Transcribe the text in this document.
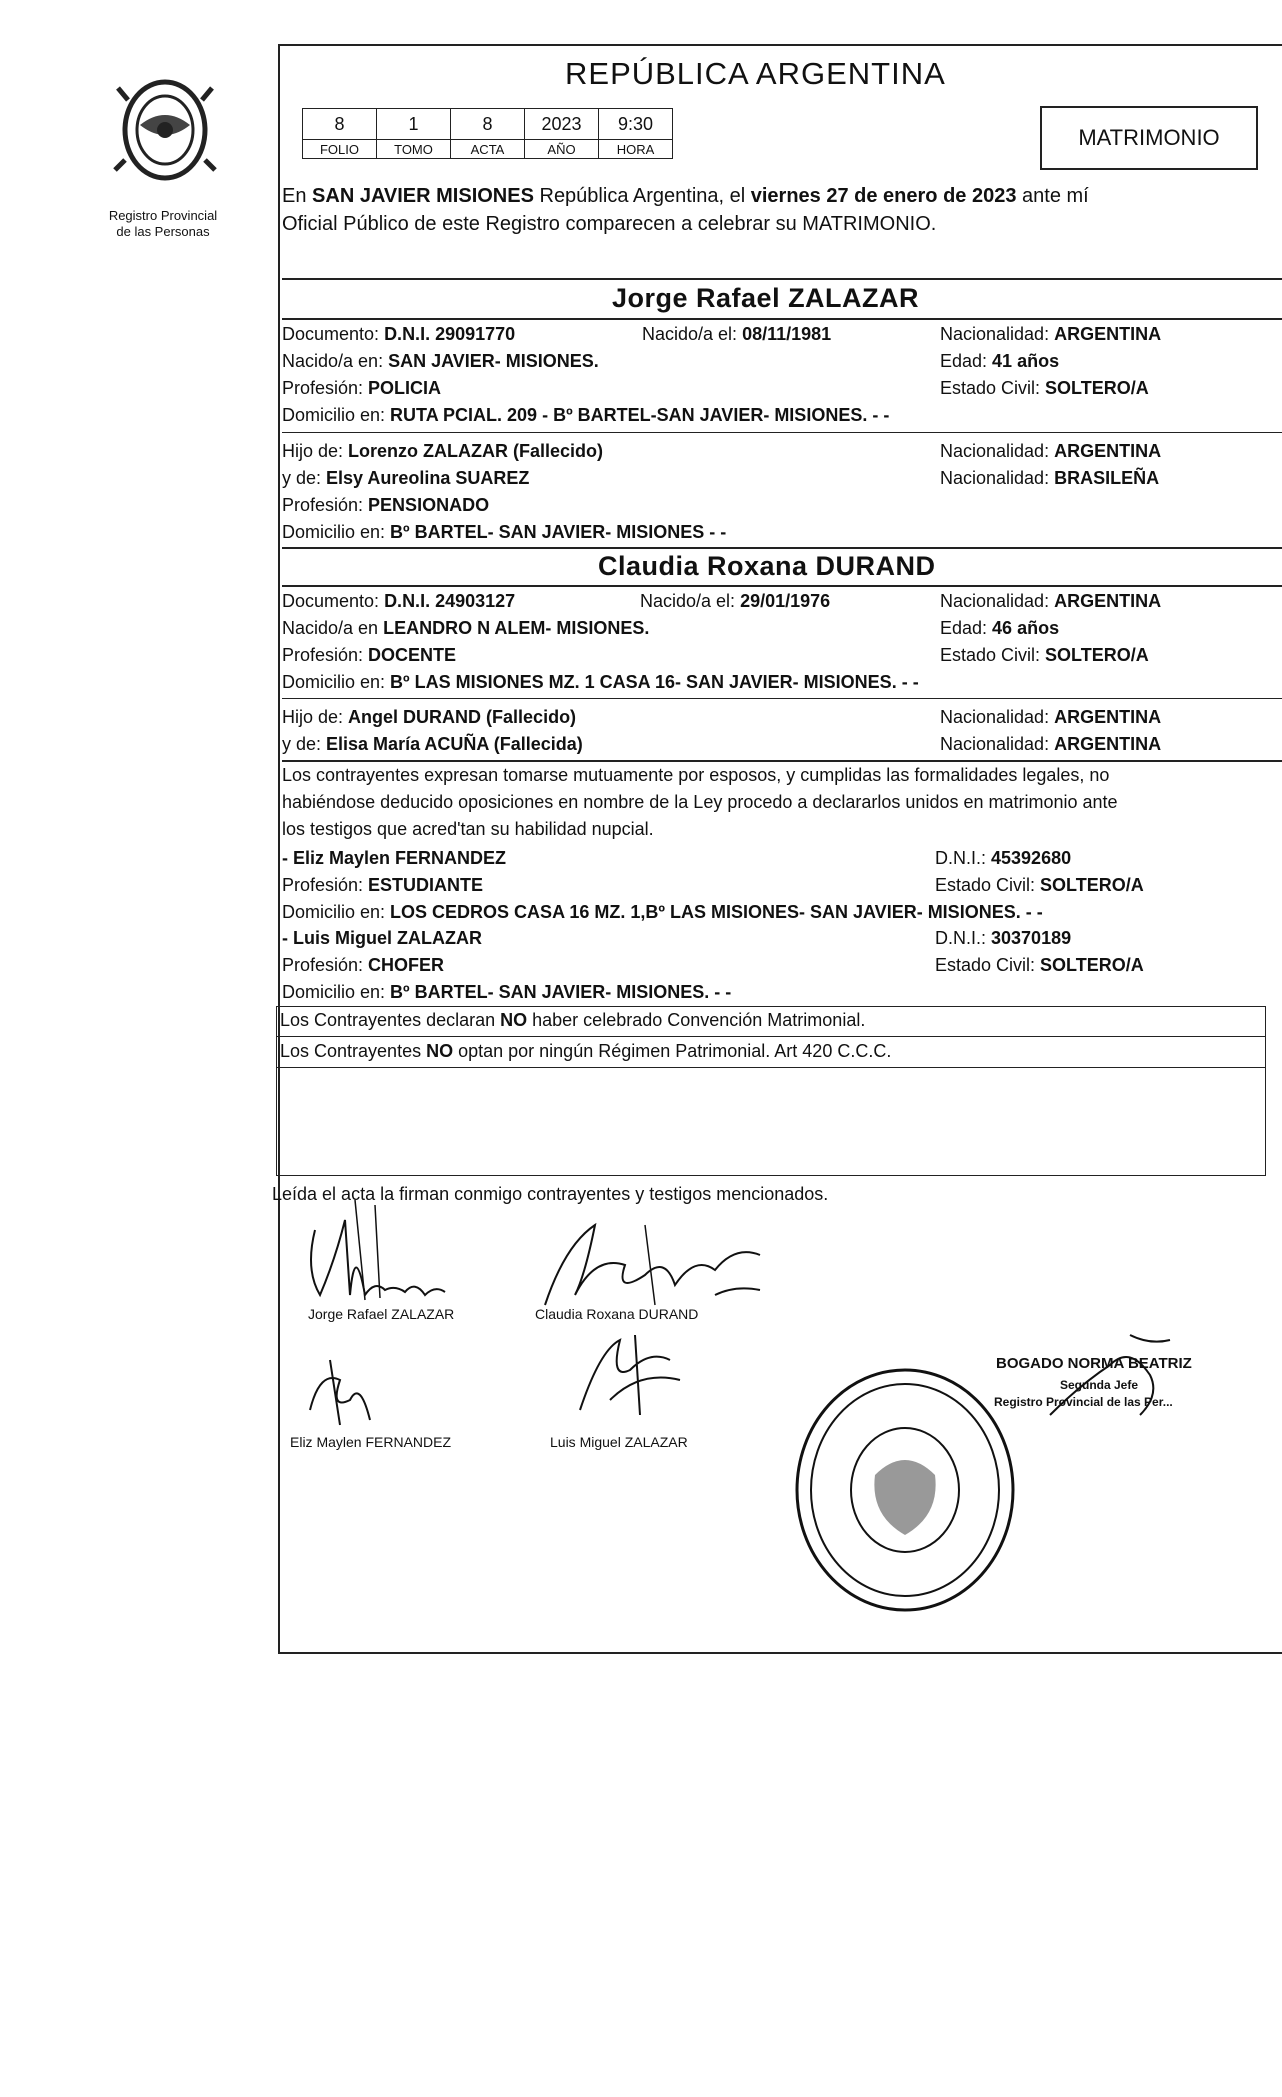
Registro Provincial
de las Personas
REPÚBLICA ARGENTINA
8	1	8	2023	9:30
FOLIO	TOMO	ACTA	AÑO	HORA	MATRIMONIO
En SAN JAVIER MISIONES República Argentina, el viernes 27 de enero de 2023 ante mí
Oficial Público de este Registro comparecen a celebrar su MATRIMONIO.
Jorge Rafael ZALAZAR
Documento: D.N.I. 29091770	Nacido/a el: 08/11/1981	Nacionalidad: ARGENTINA
Nacido/a en: SAN JAVIER- MISIONES.	Edad: 41 años
Profesión: POLICIA	Estado Civil: SOLTERO/A
Domicilio en: RUTA PCIAL. 209 - Bº BARTEL-SAN JAVIER- MISIONES. - -
Hijo de: Lorenzo ZALAZAR (Fallecido)	Nacionalidad: ARGENTINA
y de: Elsy Aureolina SUAREZ	Nacionalidad: BRASILEÑA
Profesión: PENSIONADO
Domicilio en: Bº BARTEL- SAN JAVIER- MISIONES - -
Claudia Roxana DURAND
Documento: D.N.I. 24903127	Nacido/a el: 29/01/1976	Nacionalidad: ARGENTINA
Nacido/a en LEANDRO N ALEM- MISIONES.	Edad: 46 años
Profesión: DOCENTE	Estado Civil: SOLTERO/A
Domicilio en: Bº LAS MISIONES MZ. 1 CASA 16- SAN JAVIER- MISIONES. - -
Hijo de: Angel DURAND (Fallecido)	Nacionalidad: ARGENTINA
y de: Elisa María ACUÑA (Fallecida)	Nacionalidad: ARGENTINA
Los contrayentes expresan tomarse mutuamente por esposos, y cumplidas las formalidades legales, no
habiéndose deducido oposiciones en nombre de la Ley procedo a declararlos unidos en matrimonio ante
los testigos que acred'tan su habilidad nupcial.
- Eliz Maylen FERNANDEZ	D.N.I.: 45392680
Profesión: ESTUDIANTE	Estado Civil: SOLTERO/A
Domicilio en: LOS CEDROS CASA 16 MZ. 1,Bº LAS MISIONES- SAN JAVIER- MISIONES. - -
- Luis Miguel ZALAZAR	D.N.I.: 30370189
Profesión: CHOFER	Estado Civil: SOLTERO/A
Domicilio en: Bº BARTEL- SAN JAVIER- MISIONES. - -
Los Contrayentes declaran NO haber celebrado Convención Matrimonial.
Los Contrayentes NO optan por ningún Régimen Patrimonial. Art 420 C.C.C.
Leída el acta la firman conmigo contrayentes y testigos mencionados.
Jorge Rafael ZALAZAR	Claudia Roxana DURAND
Eliz Maylen FERNANDEZ	Luis Miguel ZALAZAR
BOGADO NORMA BEATRIZ
Segunda Jefe
Registro Provincial de las Per...
